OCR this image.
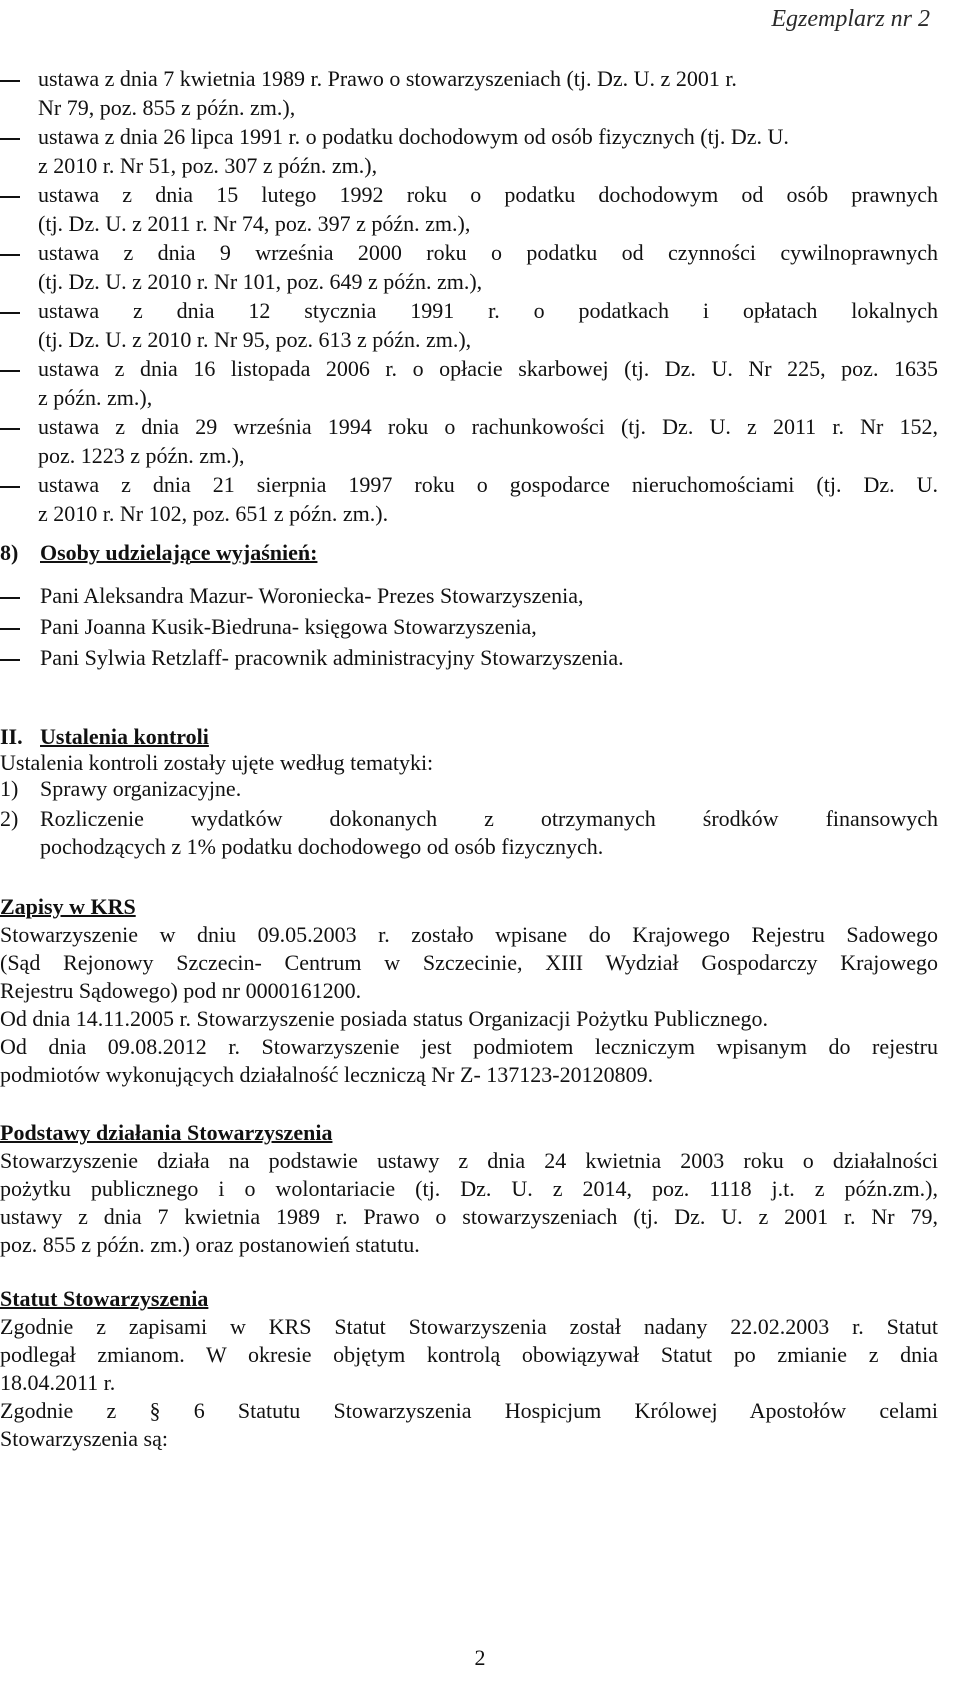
Egzemplarz nr 2
ustawa z dnia 7 kwietnia 1989 r. Prawo o stowarzyszeniach (tj. Dz. U. z 2001 r.
Nr 79, poz. 855 z późn. zm.),
ustawa z dnia 26 lipca 1991 r. o podatku dochodowym od osób fizycznych (tj. Dz. U.
z 2010 r. Nr 51, poz. 307 z późn. zm.),
ustawa z dnia 15 lutego 1992 roku o podatku dochodowym od osób prawnych
(tj. Dz. U. z 2011 r. Nr 74, poz. 397 z późn. zm.),
ustawa z dnia 9 września 2000 roku o podatku od czynności cywilnoprawnych
(tj. Dz. U. z 2010 r. Nr 101, poz. 649 z późn. zm.),
ustawa z dnia 12 stycznia 1991 r. o podatkach i opłatach lokalnych
(tj. Dz. U. z 2010 r. Nr 95, poz. 613 z późn. zm.),
ustawa z dnia 16 listopada 2006 r. o opłacie skarbowej (tj. Dz. U. Nr 225, poz. 1635
z późn. zm.),
ustawa z dnia 29 września 1994 roku o rachunkowości (tj. Dz. U. z 2011 r. Nr 152,
poz. 1223 z późn. zm.),
ustawa z dnia 21 sierpnia 1997 roku o gospodarce nieruchomościami (tj. Dz. U.
z 2010 r. Nr 102, poz. 651 z późn. zm.).
8) Osoby udzielające wyjaśnień:
Pani Aleksandra Mazur- Woroniecka- Prezes Stowarzyszenia,
Pani Joanna Kusik-Biedruna- księgowa Stowarzyszenia,
Pani Sylwia Retzlaff- pracownik administracyjny Stowarzyszenia.
II. Ustalenia kontroli
Ustalenia kontroli zostały ujęte według tematyki:
1) Sprawy organizacyjne.
2) Rozliczenie wydatków dokonanych z otrzymanych środków finansowych
pochodzących z 1% podatku dochodowego od osób fizycznych.
Zapisy w KRS
Stowarzyszenie w dniu 09.05.2003 r. zostało wpisane do Krajowego Rejestru Sadowego
(Sąd Rejonowy Szczecin- Centrum w Szczecinie, XIII Wydział Gospodarczy Krajowego
Rejestru Sądowego) pod nr 0000161200.
Od dnia 14.11.2005 r. Stowarzyszenie posiada status Organizacji Pożytku Publicznego.
Od dnia 09.08.2012 r. Stowarzyszenie jest podmiotem leczniczym wpisanym do rejestru
podmiotów wykonujących działalność leczniczą Nr Z- 137123-20120809.
Podstawy działania Stowarzyszenia
Stowarzyszenie działa na podstawie ustawy z dnia 24 kwietnia 2003 roku o działalności
pożytku publicznego i o wolontariacie (tj. Dz. U. z 2014, poz. 1118 j.t. z późn.zm.),
ustawy z dnia 7 kwietnia 1989 r. Prawo o stowarzyszeniach (tj. Dz. U. z 2001 r. Nr 79,
poz. 855 z późn. zm.) oraz postanowień statutu.
Statut Stowarzyszenia
Zgodnie z zapisami w KRS Statut Stowarzyszenia został nadany 22.02.2003 r. Statut
podlegał zmianom. W okresie objętym kontrolą obowiązywał Statut po zmianie z dnia
18.04.2011 r.
Zgodnie z § 6 Statutu Stowarzyszenia Hospicjum Królowej Apostołów celami
Stowarzyszenia są:
2
